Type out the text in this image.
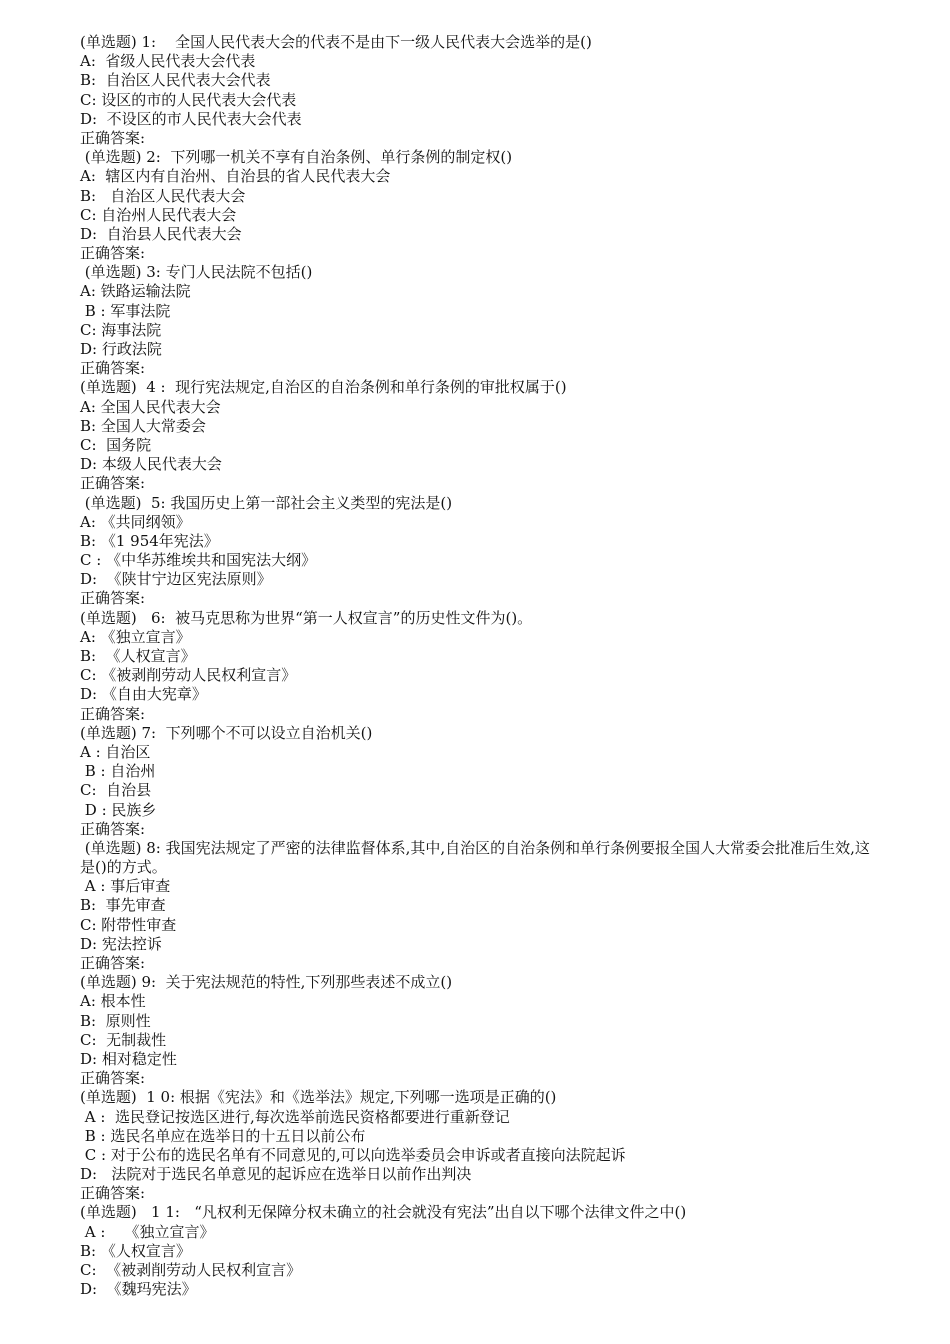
(单选题) 1:    全国人民代表大会的代表不是由下一级人民代表大会选举的是()
A:  省级人民代表大会代表
B:  自治区人民代表大会代表
C: 设区的市的人民代表大会代表
D:  不设区的市人民代表大会代表
正确答案:
(单选题) 2:  下列哪一机关不享有自治条例、单行条例的制定权()
A:  辖区内有自治州、自治县的省人民代表大会
B:   自治区人民代表大会
C: 自治州人民代表大会
D:  自治县人民代表大会
正确答案:
(单选题) 3: 专门人民法院不包括()
A: 铁路运输法院
B : 军事法院
C: 海事法院
D: 行政法院
正确答案:
(单选题)  4 :  现行宪法规定,自治区的自治条例和单行条例的审批权属于()
A: 全国人民代表大会
B: 全国人大常委会
C:  国务院
D: 本级人民代表大会
正确答案:
(单选题)  5: 我国历史上第一部社会主义类型的宪法是()
A: 《共同纲领》
B: 《1 954年宪法》
C : 《中华苏维埃共和国宪法大纲》
D:  《陕甘宁边区宪法原则》
正确答案:
(单选题)   6:  被马克思称为世界“第一人权宣言”的历史性文件为()。
A: 《独立宣言》
B:  《人权宣言》
C: 《被剥削劳动人民权利宣言》
D: 《自由大宪章》
正确答案:
(单选题) 7:  下列哪个不可以设立自治机关()
A : 自治区
B : 自治州
C:  自治县
D : 民族乡
正确答案:
(单选题) 8: 我国宪法规定了严密的法律监督体系,其中,自治区的自治条例和单行条例要报全国人大常委会批准后生效,这是()的方式。
A : 事后审查
B:  事先审查
C: 附带性审查
D: 宪法控诉
正确答案:
(单选题) 9:  关于宪法规范的特性,下列那些表述不成立()
A: 根本性
B:  原则性
C:  无制裁性
D: 相对稳定性
正确答案:
(单选题)  1 0: 根据《宪法》和《选举法》规定,下列哪一选项是正确的()
A :  选民登记按选区进行,每次选举前选民资格都要进行重新登记
B : 选民名单应在选举日的十五日以前公布
C : 对于公布的选民名单有不同意见的,可以向选举委员会申诉或者直接向法院起诉
D:   法院对于选民名单意见的起诉应在选举日以前作出判决
正确答案:
(单选题)   1 1:   “凡权利无保障分权未确立的社会就没有宪法”出自以下哪个法律文件之中()
A :    《独立宣言》
B: 《人权宣言》
C:  《被剥削劳动人民权利宣言》
D:  《魏玛宪法》
